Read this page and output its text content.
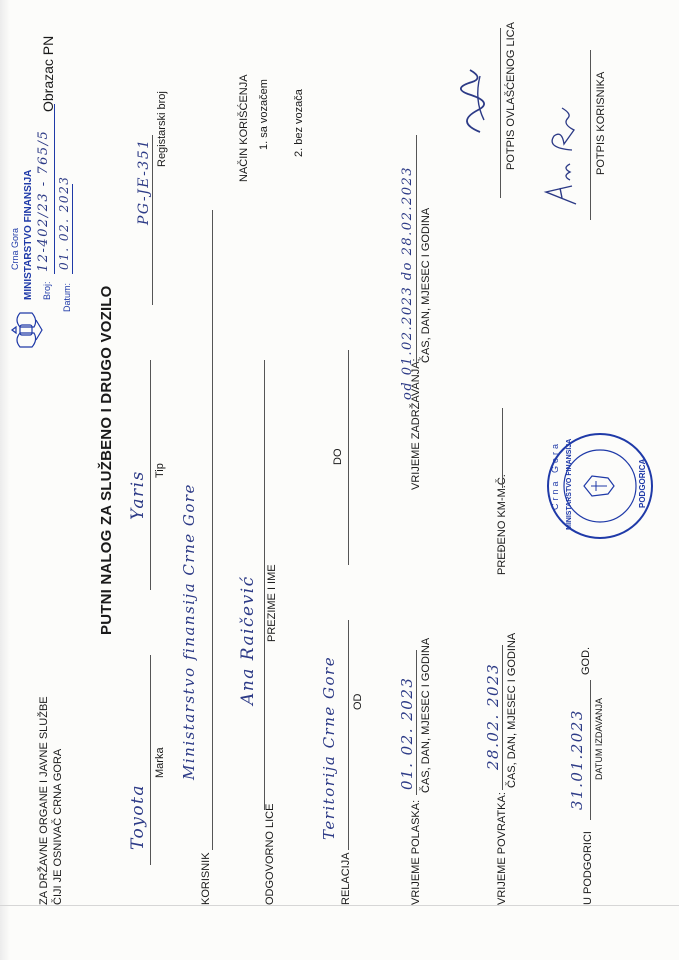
ZA DRŽAVNE ORGANE I JAVNE SLUŽBE ČIJI JE OSNIVAČ CRNA GORA
Crna Gora MINISTARSTVO FINANSIJA Broj:
12-402/23 - 765/5
Datum:
01. 02. 2023
Obrazac PN
PUTNI NALOG ZA SLUŽBENO I DRUGO VOZILO
Toyota
Marka
Yaris Tip
PG-JE-351
Registarski broj
KORISNIK
Ministarstvo finansija Crne Gore
NAČIN KORIŠĆENJA 1. sa vozačem 2. bez vozača
ODGOVORNO LICE
Ana Raičević PREZIME I IME
RELACIJA
Teritorija Crne Gore OD
DO
VRIJEME POLASKA:
01. 02. 2023 ČAS, DAN, MJESEC I GODINA
VRIJEME ZADRŽAVANJA:
od 01.02.2023 do 28.02.2023 ČAS, DAN, MJESEC I GODINA
VRIJEME POVRATKA:
28.02. 2023 ČAS, DAN, MJESEC I GODINA
PREĐENO KM-M.Č.
POTPIS OVLAŠĆENOG LICA
U PODGORICI
31.01.2023
GOD.
DATUM IZDAVANJA
Crna Gora MINISTARSTVO FINANSIJA	PODGORICA
POTPIS KORISNIKA
